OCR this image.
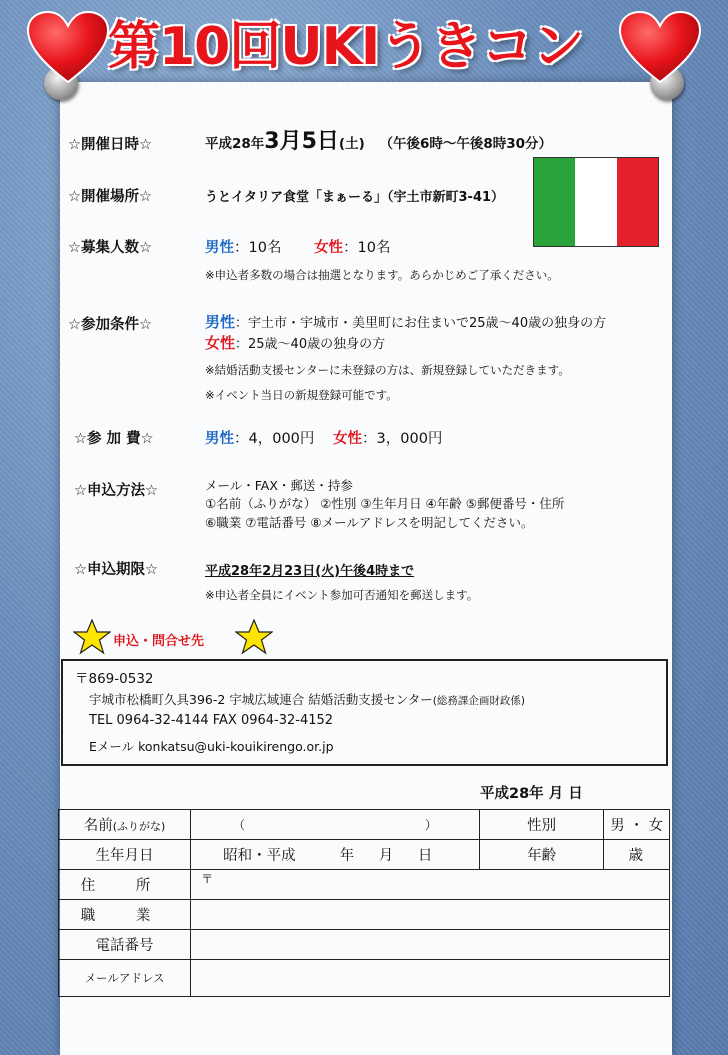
第10回UKIうきコン
☆開催日時☆	平成28年3月5日(土) （午後6時～午後8時30分）
☆開催場所☆	うとイタリア食堂「まぁーる」（宇土市新町3-41）
☆募集人数☆	男性：10名 女性：10名
※申込者多数の場合は抽選となります。あらかじめご了承ください。
☆参加条件☆	男性：宇土市・宇城市・美里町にお住まいで25歳～40歳の独身の方
女性：25歳～40歳の独身の方
※結婚活動支援センターに未登録の方は、新規登録していただきます。
※イベント当日の新規登録可能です。
☆参 加 費☆	男性：4，000円 女性：3，000円
☆申込方法☆	メール・FAX・郵送・持参
①名前（ふりがな） ②性別 ③生年月日 ④年齢 ⑤郵便番号・住所
⑥職業 ⑦電話番号 ⑧メールアドレスを明記してください。
☆申込期限☆	平成28年2月23日(火)午後4時まで
※申込者全員にイベント参加可否通知を郵送します。
申込・問合せ先
〒869-0532
宇城市松橋町久具396-2 宇城広域連合 結婚活動支援センター(総務課企画財政係)
TEL 0964-32-4144 FAX 0964-32-4152
Eメール konkatsu@uki-kouikirengo.or.jp
平成28年 月 日
名前(ふりがな)	（　　　　　　　　　　　　　　　）	性別	男 ・ 女
生年月日	昭和・平成 年 月 日	年齢	歳
住 所	〒		
職 業			
電話番号			
メールアドレス			
